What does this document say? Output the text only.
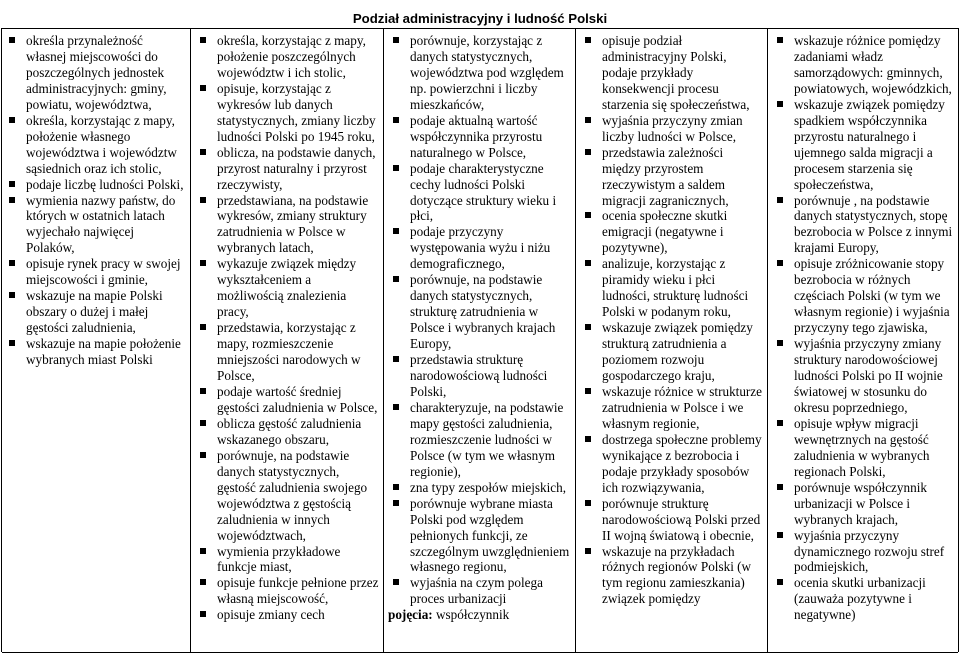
Podział administracyjny i ludność Polski
określa przynależność własnej miejscowości do poszczególnych jednostek administracyjnych: gminy, powiatu, województwa,
określa, korzystając z mapy, położenie własnego województwa i województw sąsiednich oraz ich stolic,
podaje liczbę ludności Polski,
wymienia nazwy państw, do których w ostatnich latach wyjechało najwięcej Polaków,
opisuje rynek pracy w swojej miejscowości i gminie,
wskazuje na mapie Polski obszary o dużej i małej gęstości zaludnienia,
wskazuje na mapie położenie wybranych miast Polski
określa, korzystając z mapy, położenie poszczególnych województw i ich stolic,
opisuje, korzystając z wykresów lub danych statystycznych, zmiany liczby ludności Polski po 1945 roku,
oblicza, na podstawie danych, przyrost naturalny i przyrost rzeczywisty,
przedstawiana, na podstawie wykresów, zmiany struktury zatrudnienia w Polsce w wybranych latach,
wykazuje związek między wykształceniem a możliwością znalezienia pracy,
przedstawia, korzystając z mapy, rozmieszczenie mniejszości narodowych w Polsce,
podaje wartość średniej gęstości zaludnienia w Polsce,
oblicza gęstość zaludnienia wskazanego obszaru,
porównuje, na podstawie danych statystycznych, gęstość zaludnienia swojego województwa z gęstością zaludnienia w innych województwach,
wymienia przykładowe funkcje miast,
opisuje funkcje pełnione przez własną miejscowość,
opisuje zmiany cech
porównuje, korzystając z danych statystycznych, województwa pod względem np. powierzchni i liczby mieszkańców,
podaje aktualną wartość współczynnika przyrostu naturalnego w Polsce,
podaje charakterystyczne cechy ludności Polski dotyczące struktury wieku i płci,
podaje przyczyny występowania wyżu i niżu demograficznego,
porównuje, na podstawie danych statystycznych, strukturę zatrudnienia w Polsce i wybranych krajach Europy,
przedstawia strukturę narodowościową ludności Polski,
charakteryzuje, na podstawie mapy gęstości zaludnienia, rozmieszczenie ludności w Polsce (w tym we własnym regionie),
zna typy zespołów miejskich,
porównuje wybrane miasta Polski pod względem pełnionych funkcji, ze szczególnym uwzględnieniem własnego regionu,
wyjaśnia na czym polega proces urbanizacji
pojęcia: współczynnik
opisuje podział administracyjny Polski, podaje przykłady konsekwencji procesu starzenia się społeczeństwa,
wyjaśnia przyczyny zmian liczby ludności w Polsce,
przedstawia zależności między przyrostem rzeczywistym a saldem migracji zagranicznych,
ocenia społeczne skutki emigracji (negatywne i pozytywne),
analizuje, korzystając z piramidy wieku i płci ludności, strukturę ludności Polski w podanym roku,
wskazuje związek pomiędzy strukturą zatrudnienia a poziomem rozwoju gospodarczego kraju,
wskazuje różnice w strukturze zatrudnienia w Polsce i we własnym regionie,
dostrzega społeczne problemy wynikające z bezrobocia i podaje przykłady sposobów ich rozwiązywania,
porównuje strukturę narodowościową Polski przed II wojną światową i obecnie,
wskazuje na przykładach różnych regionów Polski (w tym regionu zamieszkania) związek pomiędzy
wskazuje różnice pomiędzy zadaniami władz samorządowych: gminnych, powiatowych, wojewódzkich,
wskazuje związek pomiędzy spadkiem współczynnika przyrostu naturalnego i ujemnego salda migracji a procesem starzenia się społeczeństwa,
porównuje , na podstawie danych statystycznych, stopę bezrobocia w Polsce z innymi krajami Europy,
opisuje zróżnicowanie stopy bezrobocia w różnych częściach Polski (w tym we własnym regionie) i wyjaśnia przyczyny tego zjawiska,
wyjaśnia przyczyny zmiany struktury narodowościowej ludności Polski po II wojnie światowej w stosunku do okresu poprzedniego,
opisuje wpływ migracji wewnętrznych na gęstość zaludnienia w wybranych regionach Polski,
porównuje współczynnik urbanizacji w Polsce i wybranych krajach,
wyjaśnia przyczyny dynamicznego rozwoju stref podmiejskich,
ocenia skutki urbanizacji (zauważa pozytywne i negatywne)
